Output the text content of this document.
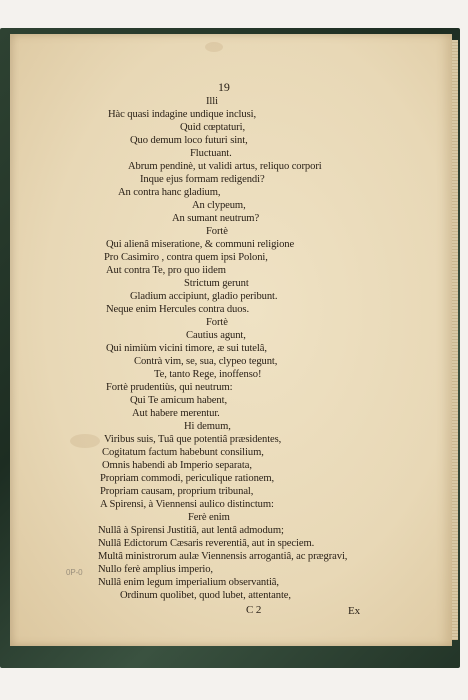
19
Illi
Hàc quasi indagine undique inclusi,
Quid cœptaturi,
Quo demum loco futuri sint,
Fluctuant.
Abrum pendinè, ut validi artus, reliquo corpori
Inque ejus formam redigendi?
An contra hanc gladium,
An clypeum,
An sumant neutrum?
Fortè
Qui alienâ miseratione, & communi religione
Pro Casimiro , contra quem ipsi Poloni,
Aut contra Te, pro quo iidem
Strictum gerunt
Gladium accipiunt, gladio peribunt.
Neque enim Hercules contra duos.
Fortè
Cautius agunt,
Qui nimiùm vicini timore, æ sui tutelâ,
Contrà vim, se, sua, clypeo tegunt,
Te, tanto Rege, inoffenso!
Fortè prudentiùs, qui neutrum:
Qui Te amicum habent,
Aut habere merentur.
Hi demum,
Viribus suis, Tuâ que potentiâ præsidentes,
Cogitatum factum habebunt consilium,
Omnis habendi ab Imperio separata,
Propriam commodi, periculique rationem,
Propriam causam, proprium tribunal,
A Spirensi, à Viennensi aulico distinctum:
Ferè enim
Nullâ à Spirensi Justitiâ, aut lentâ admodum;
Nullâ Edictorum Cæsaris reverentiâ, aut in speciem.
Multâ ministrorum aulæ Viennensis arrogantiâ, ac prægravi,
Nullo ferè amplius imperio,
Nullâ enim legum imperialium observantiâ,
Ordinum quolibet, quod lubet, attentante,
0P-0
C 2	Ex
